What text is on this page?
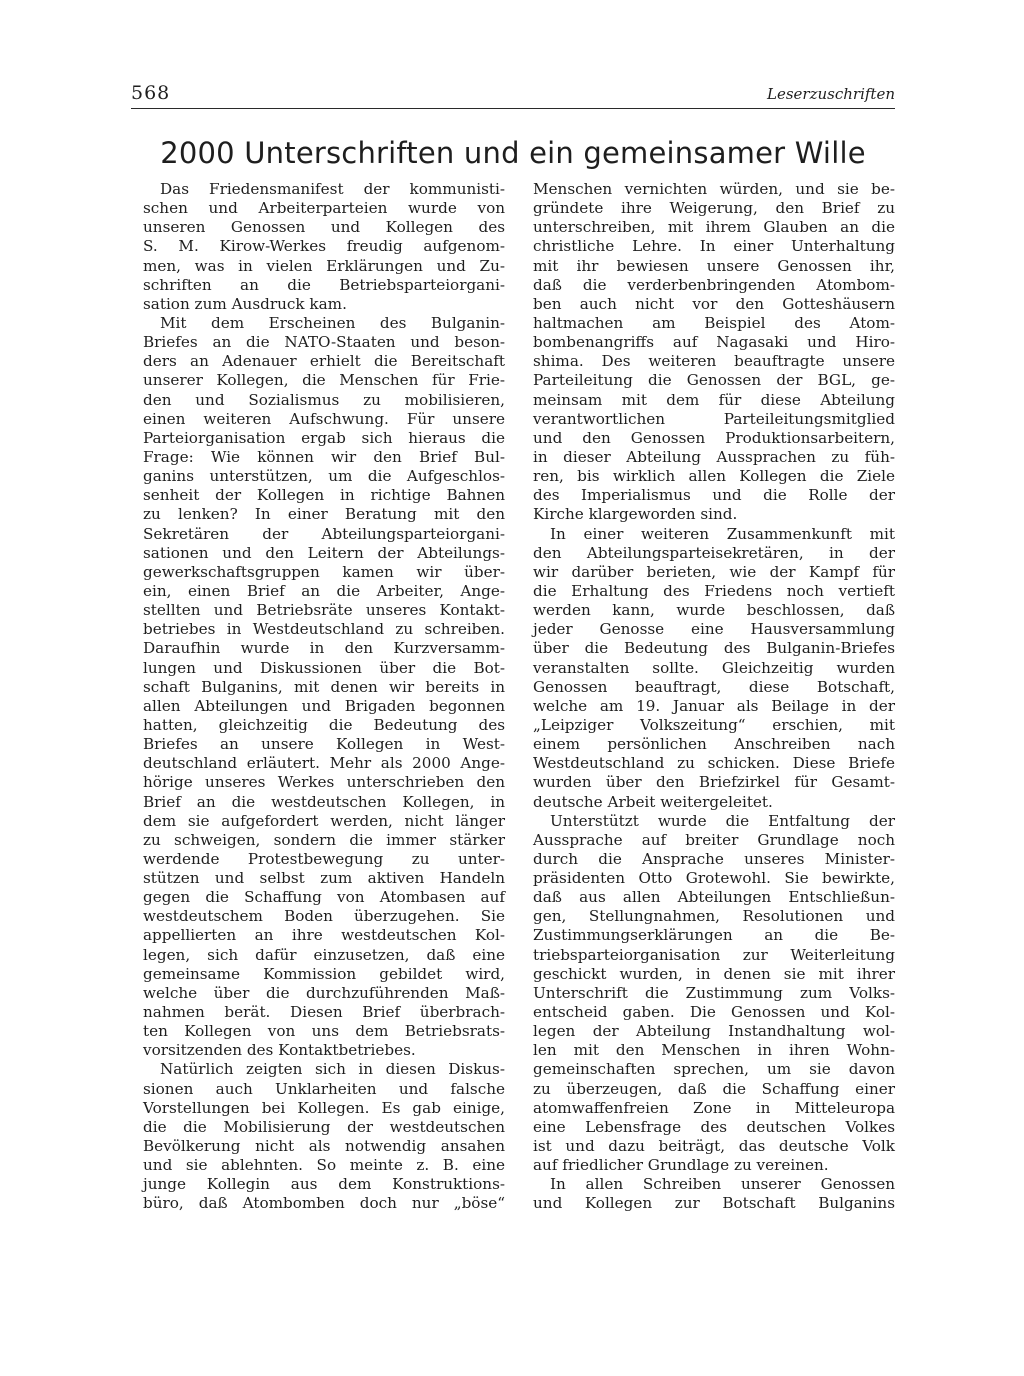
568	Leserzuschriften
2000 Unterschriften und ein gemeinsamer Wille
Das Friedensmanifest der kommunisti-
schen und Arbeiterparteien wurde von
unseren Genossen und Kollegen des
S. M. Kirow-Werkes freudig aufgenom-
men, was in vielen Erklärungen und Zu-
schriften an die Betriebsparteiorgani-
sation zum Ausdruck kam.
Mit dem Erscheinen des Bulganin-
Briefes an die NATO-Staaten und beson-
ders an Adenauer erhielt die Bereitschaft
unserer Kollegen, die Menschen für Frie-
den und Sozialismus zu mobilisieren,
einen weiteren Aufschwung. Für unsere
Parteiorganisation ergab sich hieraus die
Frage: Wie können wir den Brief Bul-
ganins unterstützen, um die Aufgeschlos-
senheit der Kollegen in richtige Bahnen
zu lenken? In einer Beratung mit den
Sekretären der Abteilungsparteiorgani-
sationen und den Leitern der Abteilungs-
gewerkschaftsgruppen kamen wir über-
ein, einen Brief an die Arbeiter, Ange-
stellten und Betriebsräte unseres Kontakt-
betriebes in Westdeutschland zu schreiben.
Daraufhin wurde in den Kurzversamm-
lungen und Diskussionen über die Bot-
schaft Bulganins, mit denen wir bereits in
allen Abteilungen und Brigaden begonnen
hatten, gleichzeitig die Bedeutung des
Briefes an unsere Kollegen in West-
deutschland erläutert. Mehr als 2000 Ange-
hörige unseres Werkes unterschrieben den
Brief an die westdeutschen Kollegen, in
dem sie aufgefordert werden, nicht länger
zu schweigen, sondern die immer stärker
werdende Protestbewegung zu unter-
stützen und selbst zum aktiven Handeln
gegen die Schaffung von Atombasen auf
westdeutschem Boden überzugehen. Sie
appellierten an ihre westdeutschen Kol-
legen, sich dafür einzusetzen, daß eine
gemeinsame Kommission gebildet wird,
welche über die durchzuführenden Maß-
nahmen berät. Diesen Brief überbrach-
ten Kollegen von uns dem Betriebsrats-
vorsitzenden des Kontaktbetriebes.
Natürlich zeigten sich in diesen Diskus-
sionen auch Unklarheiten und falsche
Vorstellungen bei Kollegen. Es gab einige,
die die Mobilisierung der westdeutschen
Bevölkerung nicht als notwendig ansahen
und sie ablehnten. So meinte z. B. eine
junge Kollegin aus dem Konstruktions-
büro, daß Atombomben doch nur „böse“
Menschen vernichten würden, und sie be-
gründete ihre Weigerung, den Brief zu
unterschreiben, mit ihrem Glauben an die
christliche Lehre. In einer Unterhaltung
mit ihr bewiesen unsere Genossen ihr,
daß die verderbenbringenden Atombom-
ben auch nicht vor den Gotteshäusern
haltmachen am Beispiel des Atom-
bombenangriffs auf Nagasaki und Hiro-
shima. Des weiteren beauftragte unsere
Parteileitung die Genossen der BGL, ge-
meinsam mit dem für diese Abteilung
verantwortlichen Parteileitungsmitglied
und den Genossen Produktionsarbeitern,
in dieser Abteilung Aussprachen zu füh-
ren, bis wirklich allen Kollegen die Ziele
des Imperialismus und die Rolle der
Kirche klargeworden sind.
In einer weiteren Zusammenkunft mit
den Abteilungsparteisekretären, in der
wir darüber berieten, wie der Kampf für
die Erhaltung des Friedens noch vertieft
werden kann, wurde beschlossen, daß
jeder Genosse eine Hausversammlung
über die Bedeutung des Bulganin-Briefes
veranstalten sollte. Gleichzeitig wurden
Genossen beauftragt, diese Botschaft,
welche am 19. Januar als Beilage in der
„Leipziger Volkszeitung“ erschien, mit
einem persönlichen Anschreiben nach
Westdeutschland zu schicken. Diese Briefe
wurden über den Briefzirkel für Gesamt-
deutsche Arbeit weitergeleitet.
Unterstützt wurde die Entfaltung der
Aussprache auf breiter Grundlage noch
durch die Ansprache unseres Minister-
präsidenten Otto Grotewohl. Sie bewirkte,
daß aus allen Abteilungen Entschließun-
gen, Stellungnahmen, Resolutionen und
Zustimmungserklärungen an die Be-
triebsparteiorganisation zur Weiterleitung
geschickt wurden, in denen sie mit ihrer
Unterschrift die Zustimmung zum Volks-
entscheid gaben. Die Genossen und Kol-
legen der Abteilung Instandhaltung wol-
len mit den Menschen in ihren Wohn-
gemeinschaften sprechen, um sie davon
zu überzeugen, daß die Schaffung einer
atomwaffenfreien Zone in Mitteleuropa
eine Lebensfrage des deutschen Volkes
ist und dazu beiträgt, das deutsche Volk
auf friedlicher Grundlage zu vereinen.
In allen Schreiben unserer Genossen
und Kollegen zur Botschaft Bulganins
